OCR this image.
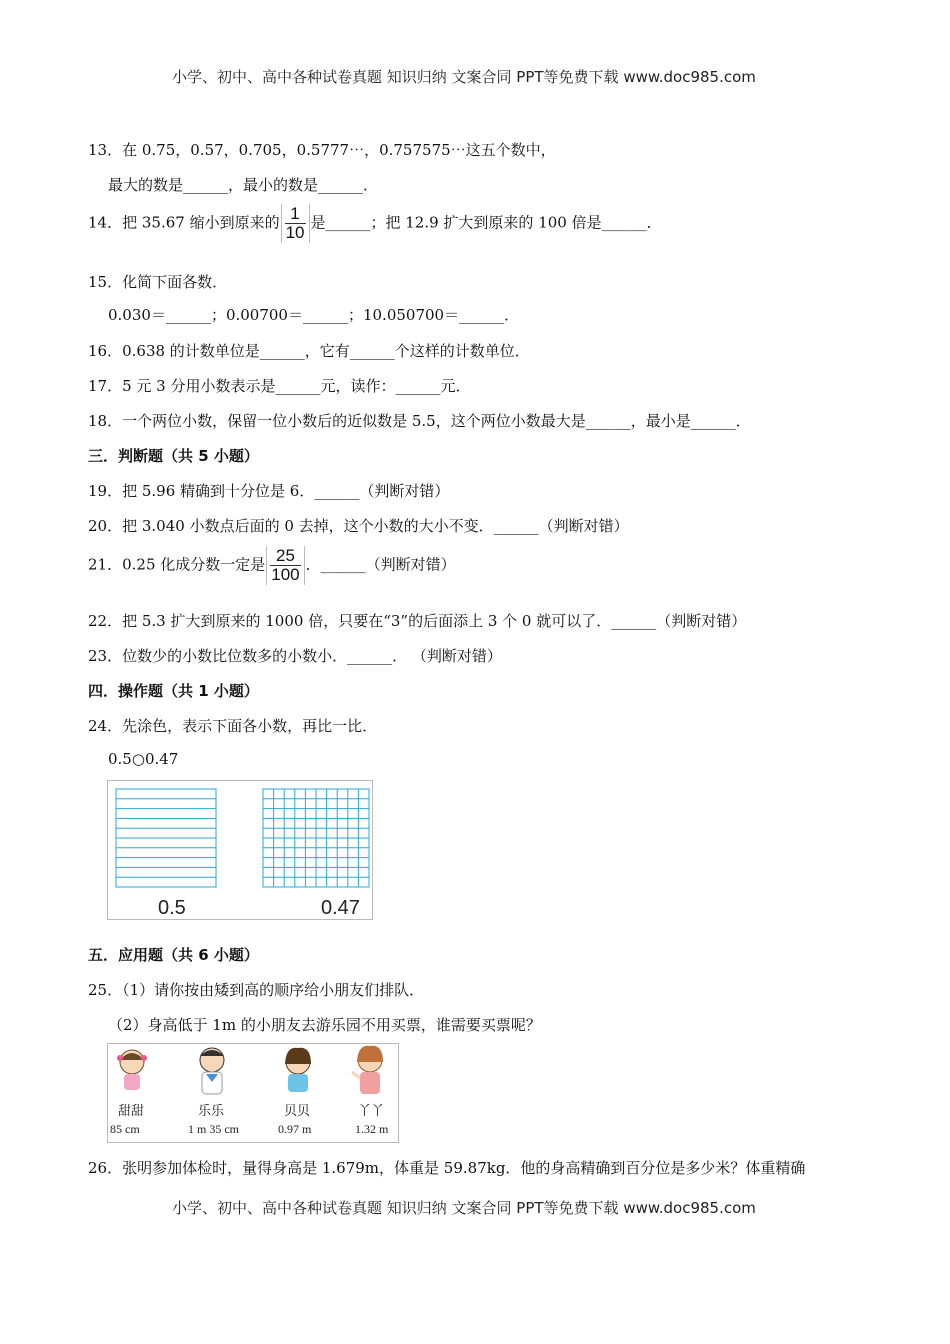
小学、初中、高中各种试卷真题 知识归纳 文案合同 PPT等免费下载 www.doc985.com
13．在 0.75，0.57，0.705，0.5777⋯，0.757575⋯这五个数中，
最大的数是______，最小的数是______．
14．把 35.67 缩小到原来的 $\frac{1}{10}$ 是______；把 12.9 扩大到原来的 100 倍是______．
15．化简下面各数．
0.030＝______；0.00700＝______；10.050700＝______．
16．0.638 的计数单位是______，它有______个这样的计数单位．
17．5 元 3 分用小数表示是______元，读作：______元．
18．一个两位小数，保留一位小数后的近似数是 5.5，这个两位小数最大是______，最小是______．
三．判断题（共 5 小题）
19．把 5.96 精确到十分位是 6．______（判断对错）
20．把 3.040 小数点后面的 0 去掉，这个小数的大小不变．______（判断对错）
21．0.25 化成分数一定是 $\frac{25}{100}$ ．______（判断对错）
22．把 5.3 扩大到原来的 1000 倍，只要在“3”的后面添上 3 个 0 就可以了．______（判断对错）
23．位数少的小数比位数多的小数小．______． （判断对错）
四．操作题（共 1 小题）
24．先涂色，表示下面各小数，再比一比．
0.5○0.47
0.5	0.47
五．应用题（共 6 小题）
25．（1）请你按由矮到高的顺序给小朋友们排队．
（2）身高低于 1m 的小朋友去游乐园不用买票，谁需要买票呢？
甜甜
85 cm
乐乐
1 m 35 cm
贝贝
0.97 m
丫丫
1.32 m
26．张明参加体检时，量得身高是 1.679m，体重是 59.87kg．他的身高精确到百分位是多少米？体重精确
小学、初中、高中各种试卷真题 知识归纳 文案合同 PPT等免费下载 www.doc985.com
